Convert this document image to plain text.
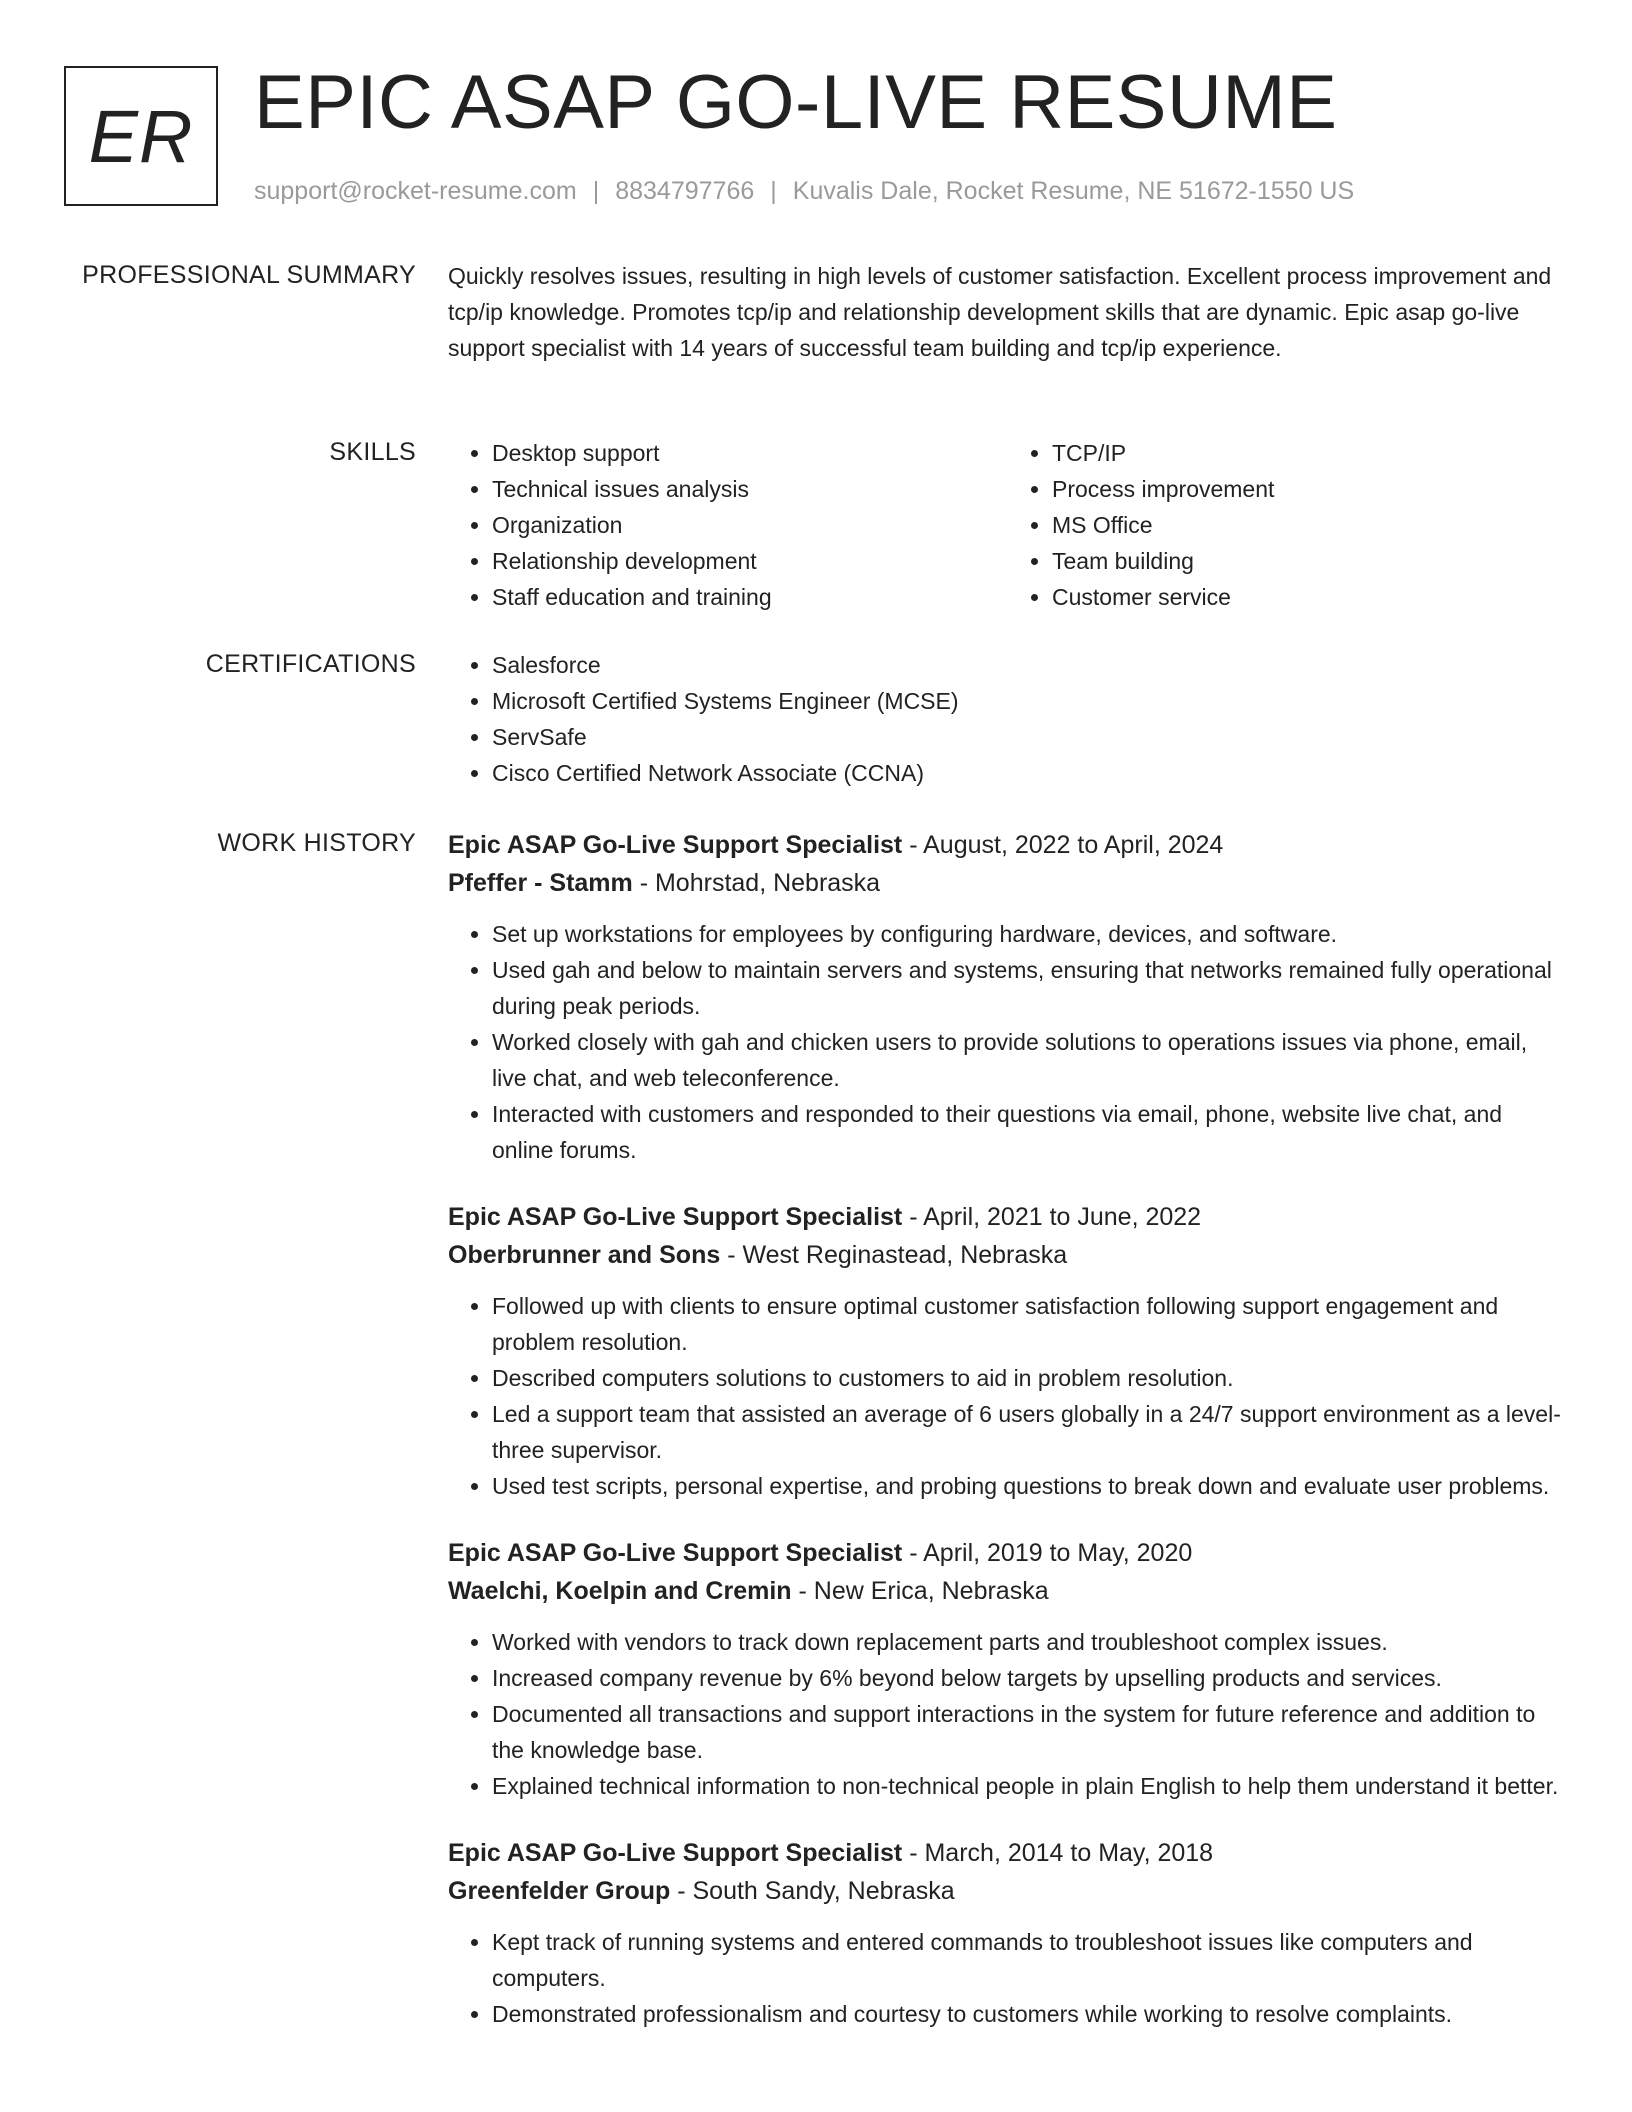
ER EPIC ASAP GO-LIVE RESUME
support@rocket-resume.com | 8834797766 | Kuvalis Dale, Rocket Resume, NE 51672-1550 US
PROFESSIONAL SUMMARY Quickly resolves issues, resulting in high levels of customer satisfaction. Excellent process improvement and tcp/ip knowledge. Promotes tcp/ip and relationship development skills that are dynamic. Epic asap go-live support specialist with 14 years of successful team building and tcp/ip experience.

SKILLS	• Desktop support
• Technical issues analysis
• Organization
• Relationship development
• Staff education and training
• TCP/IP
• Process improvement
• MS Office
• Team building
• Customer service
CERTIFICATIONS	• Salesforce
• Microsoft Certified Systems Engineer (MCSE)
• ServSafe
• Cisco Certified Network Associate (CCNA)
WORK HISTORY Epic ASAP Go-Live Support Specialist - August, 2022 to April, 2024
Pfeffer - Stamm - Mohrstad, Nebraska
• Set up workstations for employees by configuring hardware, devices, and software.
• Used gah and below to maintain servers and systems, ensuring that networks remained fully operational during peak periods.
• Worked closely with gah and chicken users to provide solutions to operations issues via phone, email, live chat, and web teleconference.
• Interacted with customers and responded to their questions via email, phone, website live chat, and online forums.
Epic ASAP Go-Live Support Specialist - April, 2021 to June, 2022
Oberbrunner and Sons - West Reginastead, Nebraska
• Followed up with clients to ensure optimal customer satisfaction following support engagement and problem resolution.
• Described computers solutions to customers to aid in problem resolution.
• Led a support team that assisted an average of 6 users globally in a 24/7 support environment as a level-three supervisor.
• Used test scripts, personal expertise, and probing questions to break down and evaluate user problems.
Epic ASAP Go-Live Support Specialist - April, 2019 to May, 2020
Waelchi, Koelpin and Cremin - New Erica, Nebraska
• Worked with vendors to track down replacement parts and troubleshoot complex issues.
• Increased company revenue by 6% beyond below targets by upselling products and services.
• Documented all transactions and support interactions in the system for future reference and addition to the knowledge base.
• Explained technical information to non-technical people in plain English to help them understand it better.
Epic ASAP Go-Live Support Specialist - March, 2014 to May, 2018
Greenfelder Group - South Sandy, Nebraska
• Kept track of running systems and entered commands to troubleshoot issues like computers and computers.
• Demonstrated professionalism and courtesy to customers while working to resolve complaints.
